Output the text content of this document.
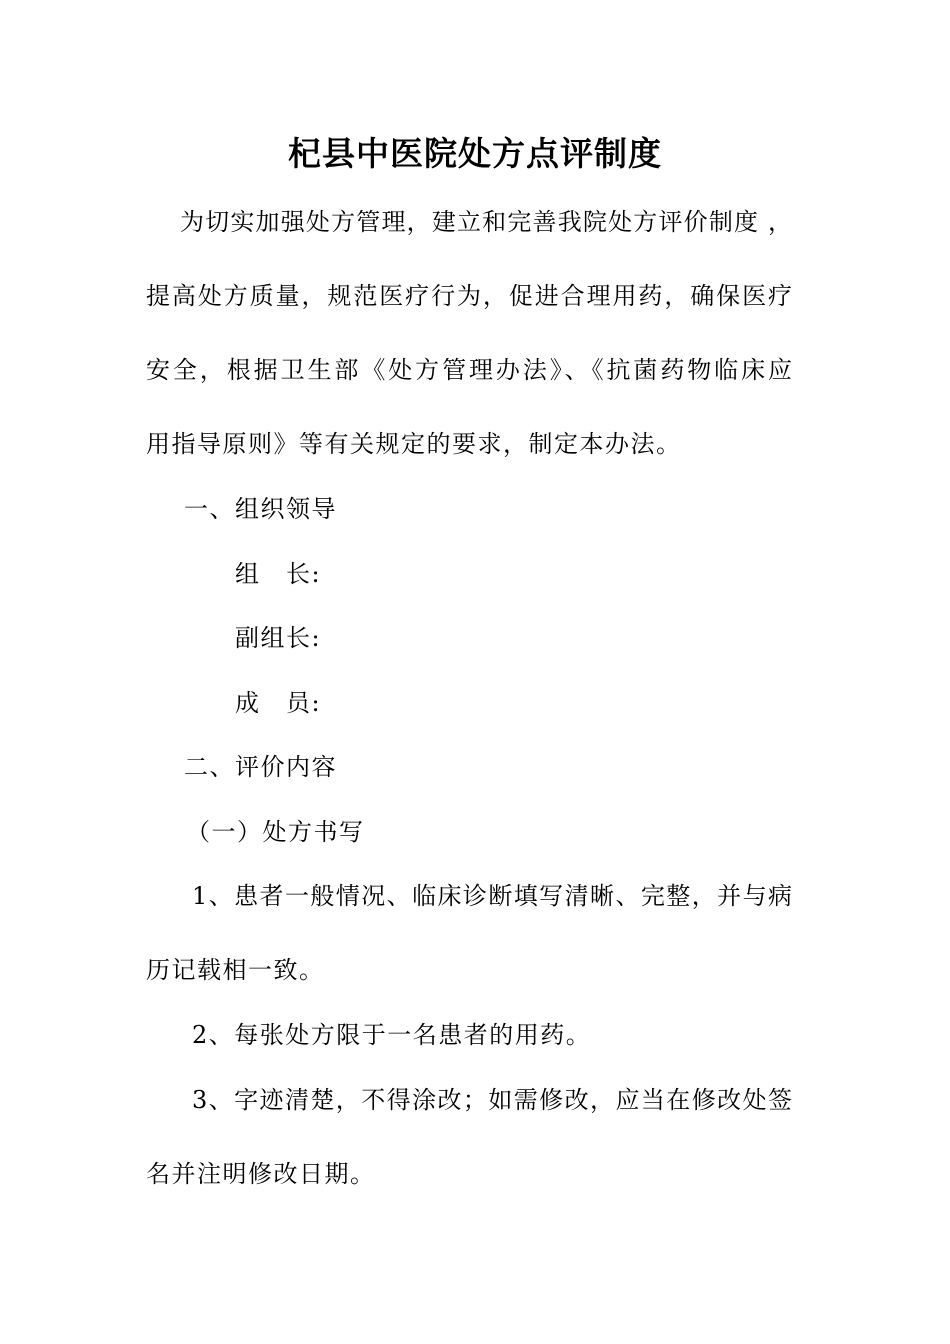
杞县中医院处方点评制度
为切实加强处方管理，建立和完善我院处方评价制度 ，
提高处方质量，规范医疗行为，促进合理用药，确保医疗
安全，根据卫生部《处方管理办法》、《抗菌药物临床应
用指导原则》等有关规定的要求，制定本办法。
一、组织领导
组　长:
副组长:
成　员:
二、评价内容
（一）处方书写
1、患者一般情况、临床诊断填写清晰、完整，并与病
历记载相一致。
2、每张处方限于一名患者的用药。
3、字迹清楚，不得涂改；如需修改，应当在修改处签
名并注明修改日期。
